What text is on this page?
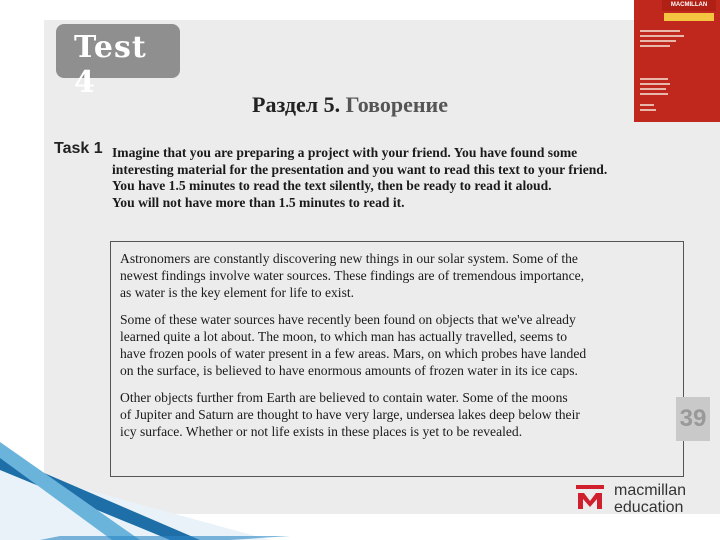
Test 4
Раздел 5. Говорение
Task 1 Imagine that you are preparing a project with your friend. You have found some

interesting material for the presentation and you want to read this text to your friend.

You have 1.5 minutes to read the text silently, then be ready to read it aloud.

You will not have more than 1.5 minutes to read it.

Astronomers are constantly discovering new things in our solar system. Some of the
newest findings involve water sources. These findings are of tremendous importance,
as water is the key element for life to exist.

Some of these water sources have recently been found on objects that we've already
learned quite a lot about. The moon, to which man has actually travelled, seems to
have frozen pools of water present in a few areas. Mars, on which probes have landed
on the surface, is believed to have enormous amounts of frozen water in its ice caps.

Other objects further from Earth are believed to contain water. Some of the moons
of Jupiter and Saturn are thought to have very large, undersea lakes deep below their
icy surface. Whether or not life exists in these places is yet to be revealed.	39
MACMILLAN
macmillan
education
